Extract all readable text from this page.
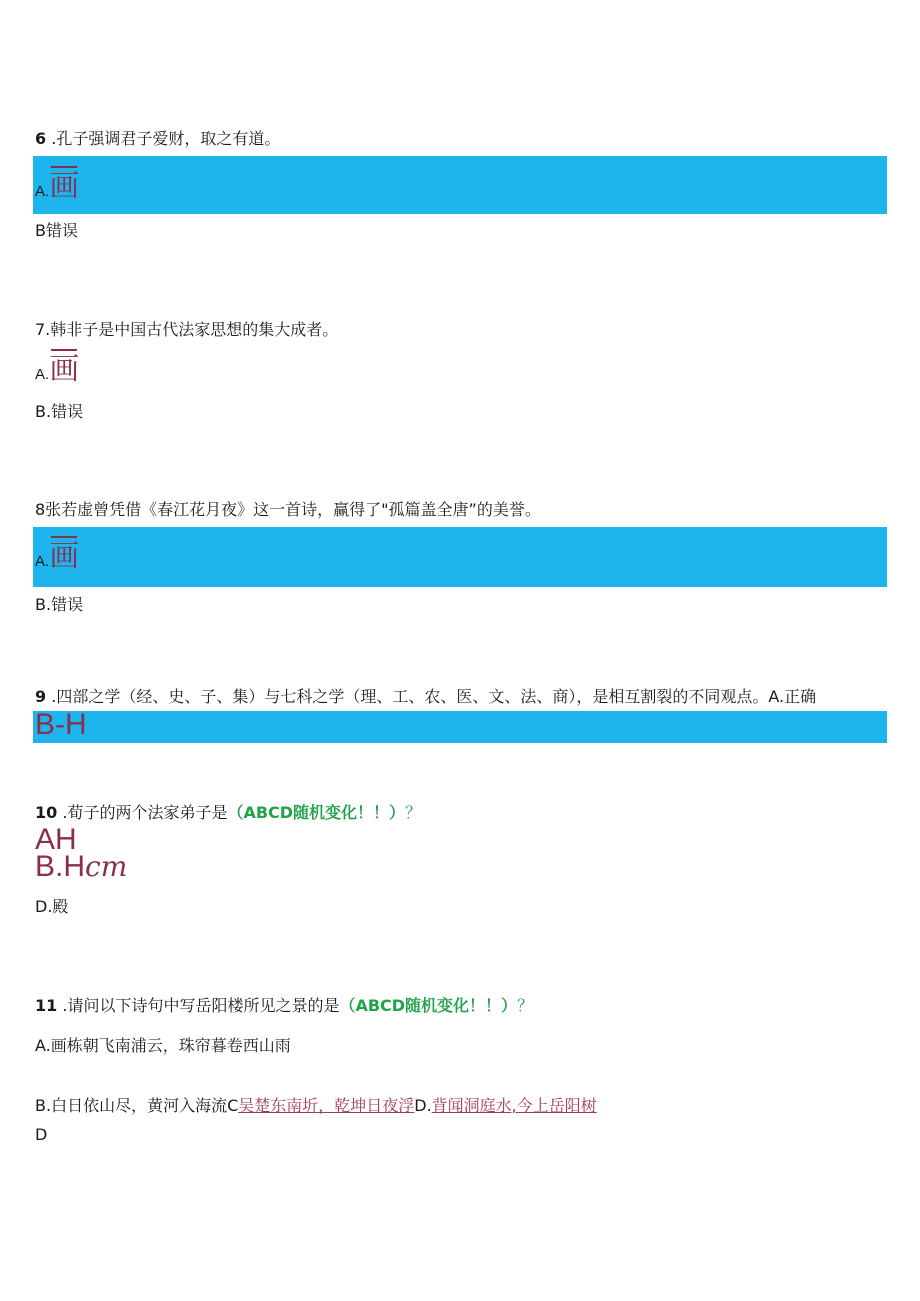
6 .孔子强调君子爱财，取之有道。
A.画
B错误
7.韩非子是中国古代法家思想的集大成者。
A.画
B.错误
8张若虚曾凭借《春江花月夜》这一首诗，赢得了"孤篇盖全唐”的美誉。
A.画
B.错误
9 .四部之学（经、史、子、集）与七科之学（理、工、农、医、文、法、商），是相互割裂的不同观点。A.正确
B-H
10 .荀子的两个法家弟子是（ABCD随机变化！！）？
AH
B.Hcm
D.殿
11 .请问以下诗句中写岳阳楼所见之景的是（ABCD随机变化！！）？
A.画栋朝飞南浦云，珠帘暮卷西山雨
B.白日依山尽，黄河入海流C吴楚东南圻，乾坤日夜浮D.背闻洞庭水,今上岳阳树
D
